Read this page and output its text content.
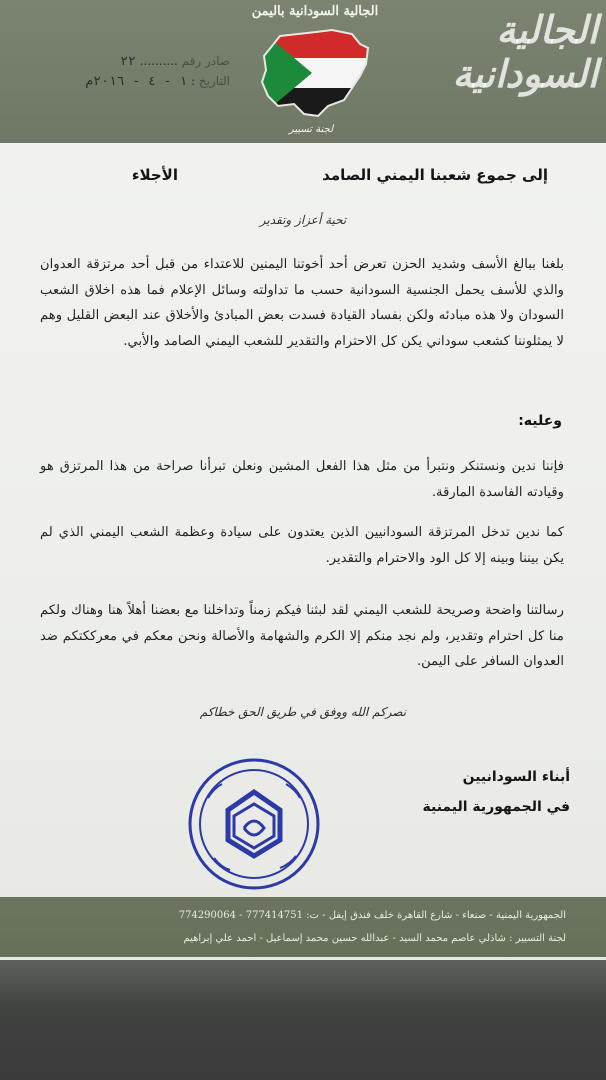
الجالية السودانية باليمن	الجالية
السودانية
صادر رقم .......... ٢٢
التاريخ : ١ - ٤ - ٢٠١٦م
لجنة تسيير
إلى جموع شعبنا اليمني الصامد
الأجلاء
تحية أعزاز وتقدير

بلغنا ببالغ الأسف وشديد الحزن تعرض أحد أخوتنا اليمنين للاعتداء من قبل أحد مرتزقة العدوان والذي للأسف يحمل الجنسية السودانية حسب ما تداولته وسائل الإعلام فما هذه اخلاق الشعب السودان ولا هذه مبادئه ولكن بفساد القيادة فسدت بعض المبادئ والأخلاق عند البعض القليل وهم لا يمثلوننا كشعب سوداني يكن كل الاحترام والتقدير للشعب اليمني الصامد والأبي.

وعليه:

فإننا ندين ونستنكر ونتبرأ من مثل هذا الفعل المشين ونعلن تبرأنا صراحة من هذا المرتزق هو وقيادته الفاسدة المارقة.

كما ندين تدخل المرتزقة السودانيين الذين يعتدون على سيادة وعظمة الشعب اليمني الذي لم يكن بيننا وبينه إلا كل الود والاحترام والتقدير.

رسالتنا واضحة وصريحة للشعب اليمني لقد لبثنا فيكم زمناً وتداخلنا مع بعضنا أهلاً هنا وهناك ولكم منا كل احترام وتقدير، ولم نجد منكم إلا الكرم والشهامة والأصالة ونحن معكم في معرككتكم ضد العدوان السافر على اليمن.

نصركم الله ووفق في طريق الحق خطاكم
أبناء السودانيين
في الجمهورية اليمنية
الجمهورية اليمنية - صنعاء - شارع القاهرة خلف فندق إيفل - ت: 777414751 - 774290064
لجنة التسيير : شاذلي عاصم محمد السيد - عبدالله حسين محمد إسماعيل - احمد علي إبراهيم
